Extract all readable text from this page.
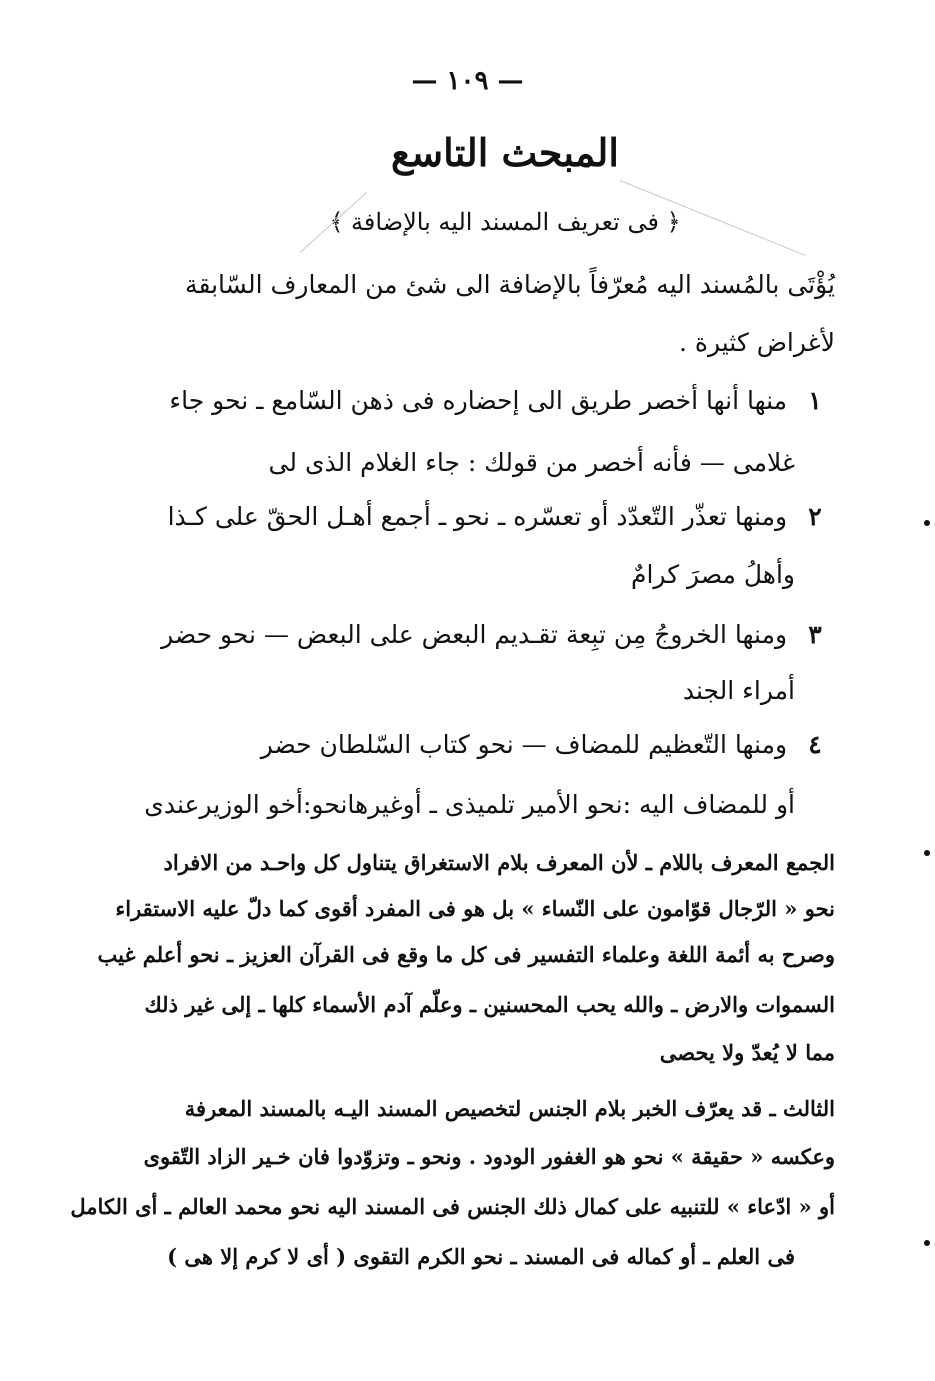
— ١٠٩ —
المبحث التاسع
﴿ فى تعريف المسند اليه بالإضافة ﴾
يُؤْتَى بالمُسند اليه مُعرّفاً بالإضافة الى شئ من المعارف السّابقة
لأغراض كثيرة .
١ منها أنها أخصر طريق الى إحضاره فى ذهن السّامع ـ نحو جاء
غلامى — فأنه أخصر من قولك : جاء الغلام الذى لى
٢ ومنها تعذّر التّعدّد أو تعسّره ـ نحو ـ أجمع أهـل الحقّ على كـذا
وأهلُ مصرَ كرامٌ
٣ ومنها الخروجُ مِن تبِعة تقـديم البعض على البعض — نحو حضر
أمراء الجند
٤ ومنها التّعظيم للمضاف — نحو كتاب السّلطان حضر
أو للمضاف اليه :نحو الأمير تلميذى ـ أوغيرهانحو:أخو الوزيرعندى
الجمع المعرف باللام ـ لأن المعرف بلام الاستغراق يتناول كل واحـد من الافراد
نحو « الرّجال قوّامون على النّساء » بل هو فى المفرد أقوى كما دلّ عليه الاستقراء
وصرح به أئمة اللغة وعلماء التفسير فى كل ما وقع فى القرآن العزيز ـ نحو أعلم غيب
السموات والارض ـ والله يحب المحسنين ـ وعلّم آدم الأسماء كلها ـ إلى غير ذلك
مما لا يُعدّ ولا يحصى
الثالث ـ قد يعرّف الخبر بلام الجنس لتخصيص المسند اليـه بالمسند المعرفة
وعكسه « حقيقة » نحو هو الغفور الودود . ونحو ـ وتزوّدوا فان خـير الزاد التّقوى
أو « ادّعاء » للتنبيه على كمال ذلك الجنس فى المسند اليه نحو محمد العالم ـ أى الكامل
فى العلم ـ أو كماله فى المسند ـ نحو الكرم التقوى ( أى لا كرم إلا هى )
